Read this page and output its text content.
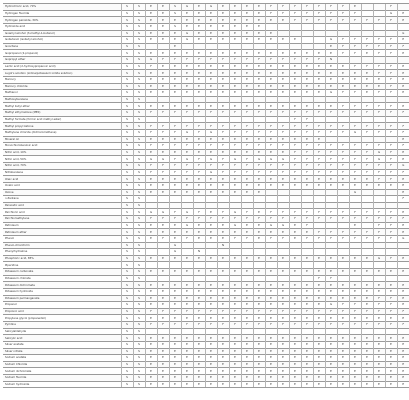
Hydrochloric acid, 70%	S	S	E	E	S	G	E	G	E	E	E	E	F	F	F	F	F	F	F	E			F	
Hydrogen fluoride	S	S	E	E	S	E	E	E	E	E	E	E	F	F	F	F	F	F	F	F			G	E
Hydrogen peroxide, 30%	S	S	E	E	E	E	E	E	E	E	E	E	E	E	F	F	F	F	F	F	F	F	F	E
Hydroxide acid	S	S	E	E	S	E	E	E	E	E	E	E												
Isoamyl alcohol (3-methyl-1-butanol)	S	S	E	E	E	G	E	E	E	E	E	E	E											G
Isobutanol (isobutyl alcohol)	S	S	E	E	E	G	E	E	E	E	E	E	E	E	E			G	F	F	F	F	F	E
Isooctane	S	S			E													E	F	F	F	F	F	F
Isopropanol (2-propanol)	S	S	E	E	E	E	E	E	E	E	E	E	E	E	E	E	E	E	F	F	E	F	F	E
Isopropyl ether	S	S	G	F	F	F	F	F	F	F	F	F	F	F	F	F	F	N						
Lactic acid (2-hydroxypropanoic acid)	S	S	F	E	E	E	E	E	E	E	E	E	E	E	E	E	E	E	E	F	F	F	F	E
Lugol's solution (iodine/potassium iodide solution)	S	S	E	E	E	E	E	E	E	E	E	E	E	E	E	E	E	E	E	E	E	F	F	E
Mercury	S	S	E	E	E	E	E	E	E	E	E	E	E	E	E	E	E	E	E	E	E	E	F	E
Mercury chloride	S	S	E	E	E	E	E	E	E	E	E	E	E	E	E	E	E	E	E	E	E	E	F	E
Methanol	S	S	E	E	E	E	E	E	E	E	E	E	E	E	E	E	E	G	F	F	E	F	F	E
Methoxybenzene	S	S																						
Methyl butyl ether	S	S	E	E	E	E	E	E	E	E	E	E	E	E	E	E	E	E	F	F	F	F	F	E
Methyl ethyl ketone (MEK)	S	S	F	F	F	F	F	F	F	F	F	F	F	F	F	F	F	F	F	F	F	F	F	F
Methyl formate (formic acid methyl ester)	S	S													F	F								
Methyl propyl ketone	S	S	F	F	F	F	F	F	F	F	F	F	F	F	F	F	F	F	F	F	F	F	F	F
Methylene chloride (dichloromethane)	S	S	F	F	F	G	F	G	F	F	F	F	F	F	F	F	F	F	F	G	F	F	F	F
Mineral oil	S	S	E	E	E	E	E	E	E	E	E	E	E	E	E	E	E							E
Monochlorobenzoic acid	S	S	F	F	F	F	F	F	F	F	F	F	F	F	F	F	F	F	F	F	F	F	F	F
Nitric acid, 10%	S	S	E	E	E	E	E	E	E	E	E	E	E	E	F	F	F	F	F	F	F	G	F	E
Nitric acid, 50%	S	S	G	G	F	G	F	G	F	G	F	G	G	G	F	F	F	F	F	F	F	G	F	E
Nitric acid, 70%	S	S	F	F	F	F	F	F	F	F	F	F	F	F	F	F	F	F	F	F	F	F	F	G
Nitrobenzene	S	S	F	F	F	F	F	G	F	F	F	F	F	F	F	F	F	F	F	F	F	F	F	F
Oleic acid	S	S	E	E	E	E	E	E	E	E	E	E	E	E	E	E	E	E	E	E	E	F	F	E
Oxalic acid	S	S	E	E	E	E	E	E	E	E	E	E	E	E	E	E	E	E	E	E	E	E	E	E
Ozone	S	S	E	E	E	E	E	E	E	E	E	E								G				E
n-Pentane	S	S																						F
Peracetic acid	S	S																						
Perchloric acid	S	S	G	G	F	G	F	E	F	G	F	E	F	F	F	F	F	F	F	F	F	F	F	E
Perchloroethylene	S	S	F	F	F	F	F	F	F	F	F	F	F	F	F	F	F	F	F	F	F	F	F	F
Petroleum	S	S	E	E	E	G	E	E	E	G	E	E	G	G	E	F				E		F	F	E
Petroleum ether	S	S	E	E	E	E	E	E	E	E	E	E	E	E	E	E	F	F	F	F	F	F	F	E
Phenol	S	S	E	F	E	F	E	E	E	F	F	E	F	F	E	F	F	F	F	F	F	F	F	G
Phenol-chloroform	S	S			G				N															
Phenylhydrazine	S	S			G		N																	
Phosphoric acid, 85%	S	S	E	E	E	E	E	E	E	E	E	E	E	E	E	E	E	E	E	E	E	G	F	E
Piperidine	S	S																						
Potassium carbonate	S	S	E	E	E	E	E	E	E	E	E	E	E	E	E	E	E	E	E	E	E	E	E	E
Potassium chlorate	S	S															F	F						
Potassium dichromate	S	S	E	E	E	E	E	E	E	E	E	E	E	E	E	E	E	E	E	E	E	E	E	E
Potassium hydroxide	S	S	E	E	E	E	E	E	E	E	E	E	E	E	E	E	E	E	E	E	E	E	E	E
Potassium permanganate	S	S	E	E	E	E	E	E	E	E	E	E	E	E	E	E	E	E	E	E	E	F	F	E
Propanol	S	S	E	E	E	E	E	E	E	E	E	E	E	E	E	E	E	G	F	F	E	F	F	E
Propionic acid	S	S	F	F	F	F	F	F	F	F	F	F	F	F	F	F	F	F	F	F	F	F	F	F
Propylene glycol (propanediol)	S	S	E	E	E	E	E	E	E	E	E	E	E	E	E	E	E	E	E	E	E	E	E	E
Pyridine	S	S	F	F	F	F	F	F	F	F	F	F	F	F	F	F	F	F	F	F	F	F	F	F
Salicylaldehyde	S	S																						
Salicylic acid	S	S	E	E	E	E	E	E	E	E	E	E	E	E	E	E	E	E	E	E	E	E	E	E
Silver acetate	S	S	E	E	E	E	E	E	E	E	E	E	E	E	E	E	E	E	E	E	E	E	E	E
Silver nitrate	S	S	E	E	E	E	E	E	E	E	E	E	E	E	E	E	E	E	E	E	E	E	E	E
Sodium acetate	S	S	E	E	E	E	E	E	E	E	E	E	E	E	E	E	E	E	E	E	E	E	E	E
Sodium Chloride	S	S	E	E	E	E	E	E	E	E	E	E	E	E	E	E	E	E	E	E	E	E	E	E
Sodium dichromate	S	S	E	E	E	E	E	E	E	E	E	E	E	E	E	E	E	E	E	E	E	E	E	E
Sodium fluoride	S	S	E	E	E	E	E	E	E	E	E	E	E	E	E	E	E	E	E	E	E	E	E	E
Sodium hydroxide	S	S	E	E	E	E	E	E	E	E	E	E	E	E	E	E	E	E	E	E	E	E	E	E
